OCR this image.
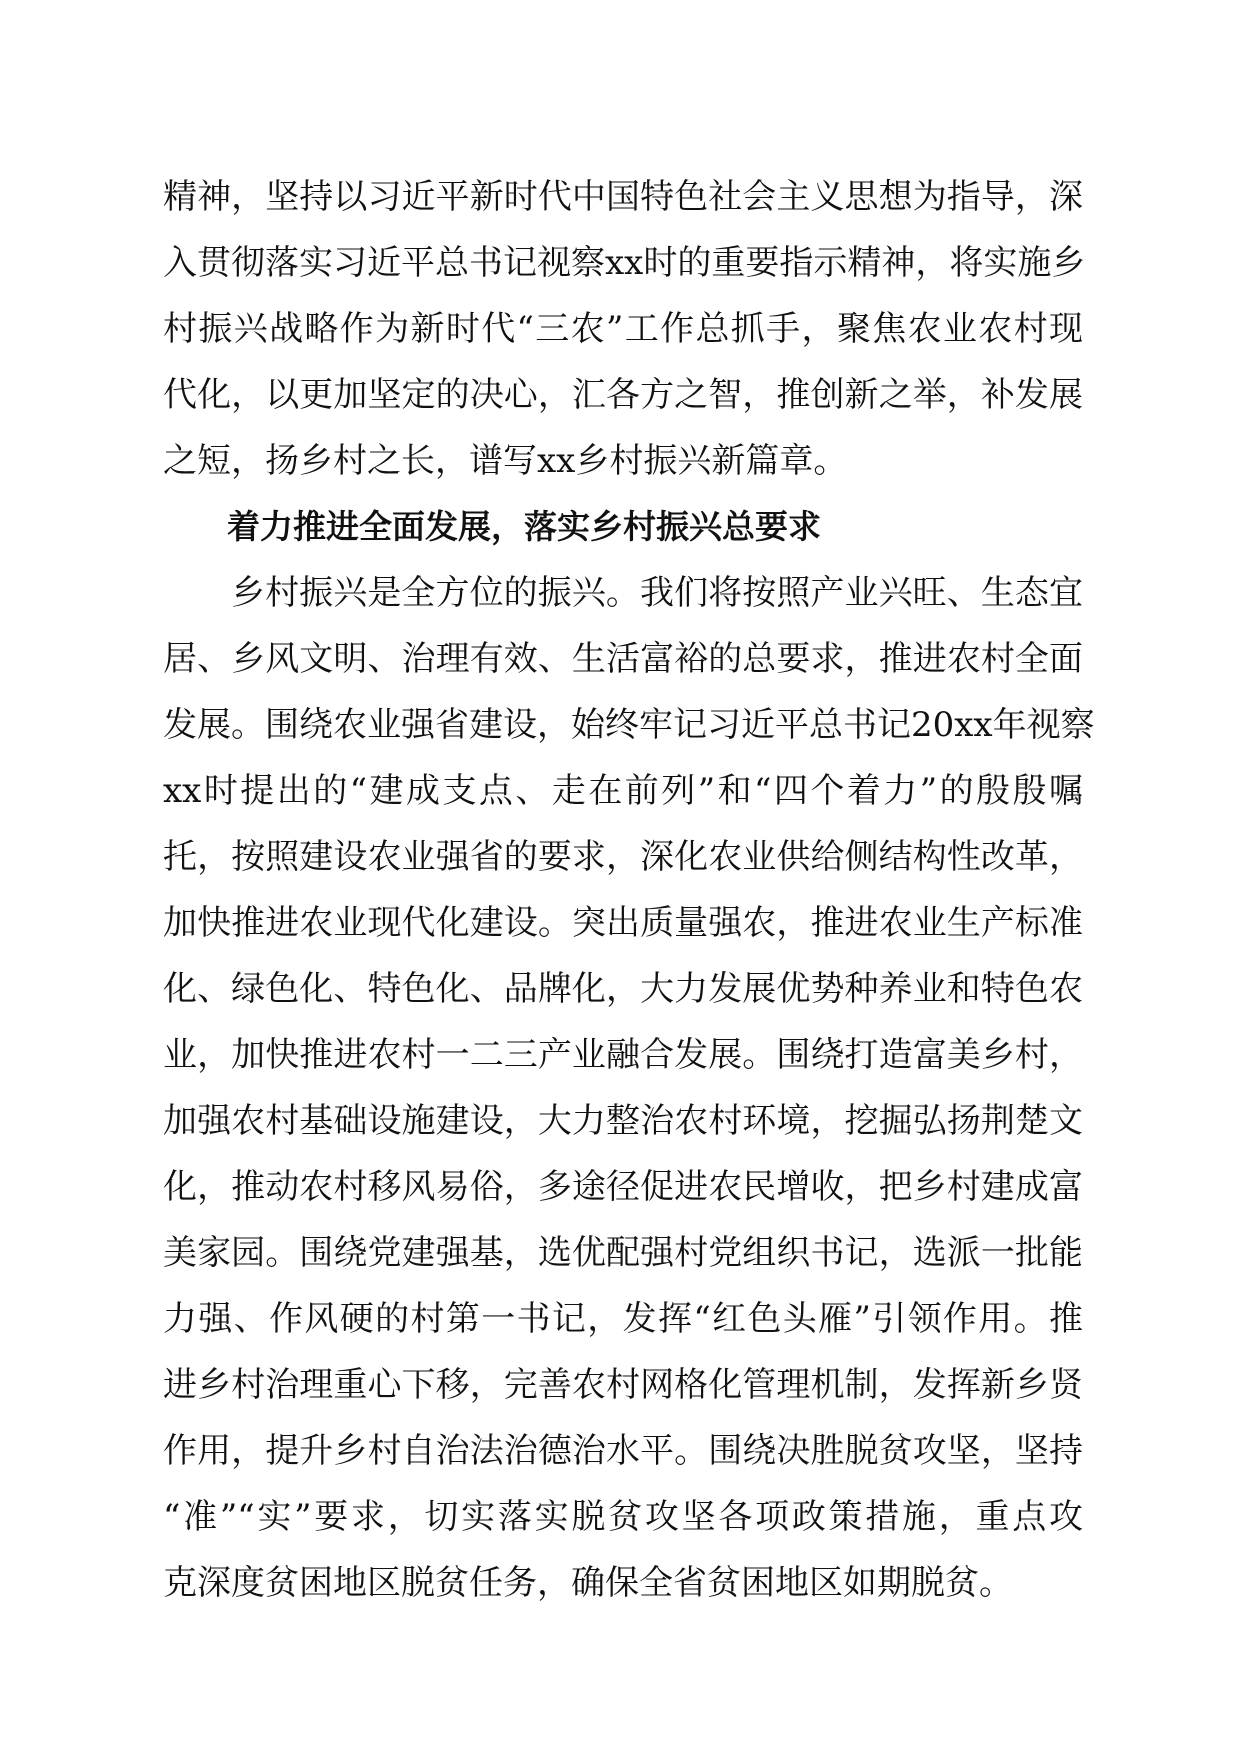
精神，坚持以习近平新时代中国特色社会主义思想为指导，深
入贯彻落实习近平总书记视察xx时的重要指示精神，将实施乡
村振兴战略作为新时代“三农”工作总抓手，聚焦农业农村现
代化，以更加坚定的决心，汇各方之智，推创新之举，补发展
之短，扬乡村之长，谱写xx乡村振兴新篇章。
着力推进全面发展，落实乡村振兴总要求
乡村振兴是全方位的振兴。我们将按照产业兴旺、生态宜
居、乡风文明、治理有效、生活富裕的总要求，推进农村全面
发展。围绕农业强省建设，始终牢记习近平总书记20xx年视察
xx时提出的“建成支点、走在前列”和“四个着力”的殷殷嘱
托，按照建设农业强省的要求，深化农业供给侧结构性改革，
加快推进农业现代化建设。突出质量强农，推进农业生产标准
化、绿色化、特色化、品牌化，大力发展优势种养业和特色农
业，加快推进农村一二三产业融合发展。围绕打造富美乡村，
加强农村基础设施建设，大力整治农村环境，挖掘弘扬荆楚文
化，推动农村移风易俗，多途径促进农民增收，把乡村建成富
美家园。围绕党建强基，选优配强村党组织书记，选派一批能
力强、作风硬的村第一书记，发挥“红色头雁”引领作用。推
进乡村治理重心下移，完善农村网格化管理机制，发挥新乡贤
作用，提升乡村自治法治德治水平。围绕决胜脱贫攻坚，坚持
“准”“实”要求，切实落实脱贫攻坚各项政策措施，重点攻
克深度贫困地区脱贫任务，确保全省贫困地区如期脱贫。
